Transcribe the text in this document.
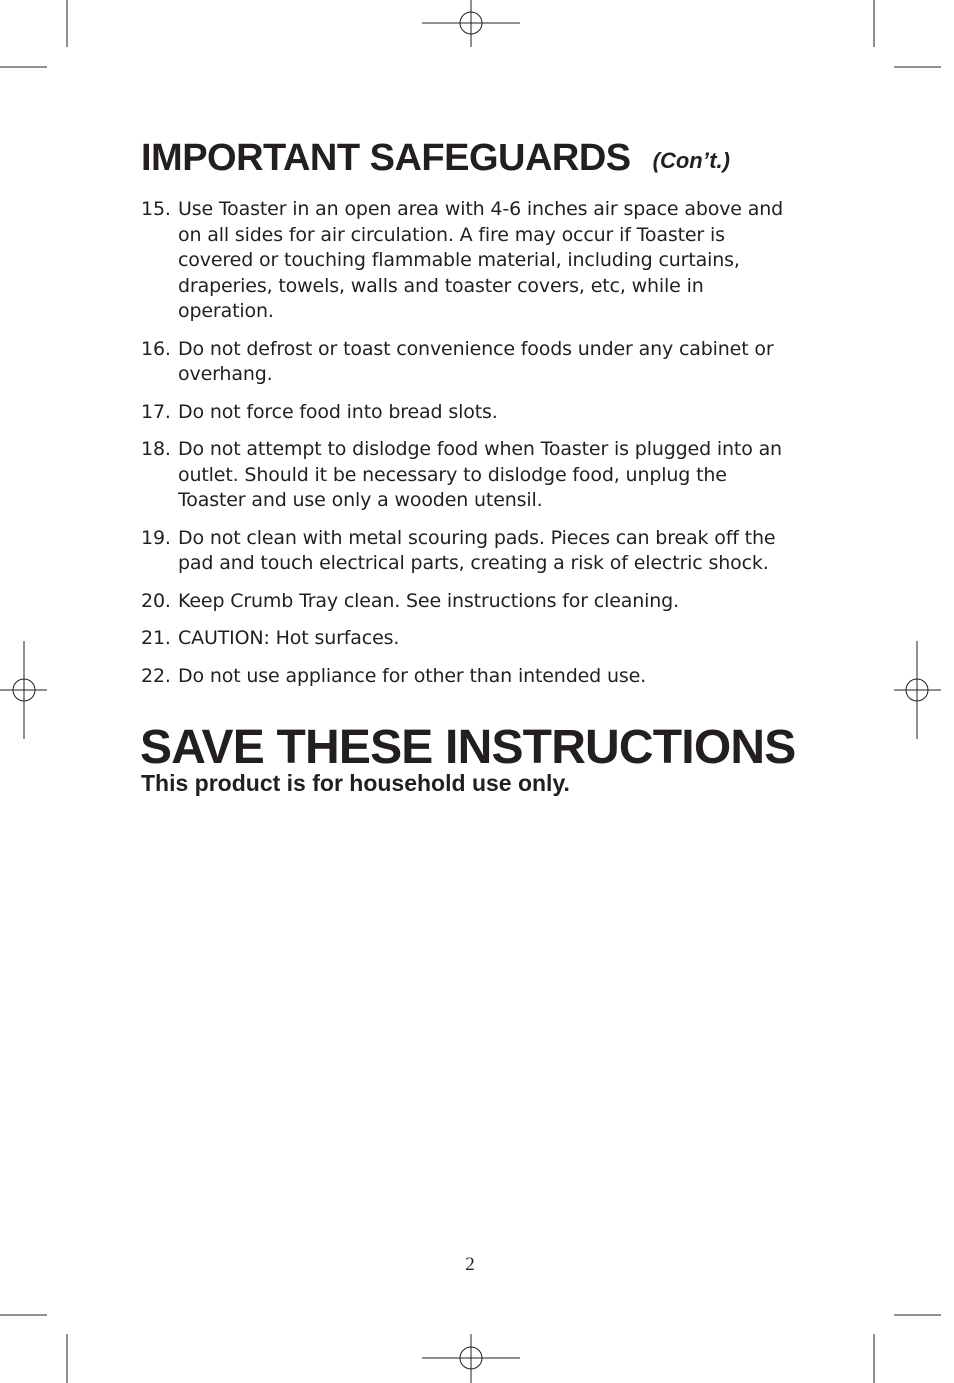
IMPORTANT SAFEGUARDS (Con’t.)
15. Use Toaster in an open area with 4-6 inches air space above and on all sides for air circulation. A fire may occur if Toaster is covered or touching flammable material, including curtains, draperies, towels, walls and toaster covers, etc, while in operation.
16. Do not defrost or toast convenience foods under any cabinet or overhang.
17. Do not force food into bread slots.
18. Do not attempt to dislodge food when Toaster is plugged into an outlet. Should it be necessary to dislodge food, unplug the Toaster and use only a wooden utensil.
19. Do not clean with metal scouring pads. Pieces can break off the pad and touch electrical parts, creating a risk of electric shock.
20. Keep Crumb Tray clean. See instructions for cleaning.
21. CAUTION: Hot surfaces.
22. Do not use appliance for other than intended use.
SAVE THESE INSTRUCTIONS

This product is for household use only.

2
